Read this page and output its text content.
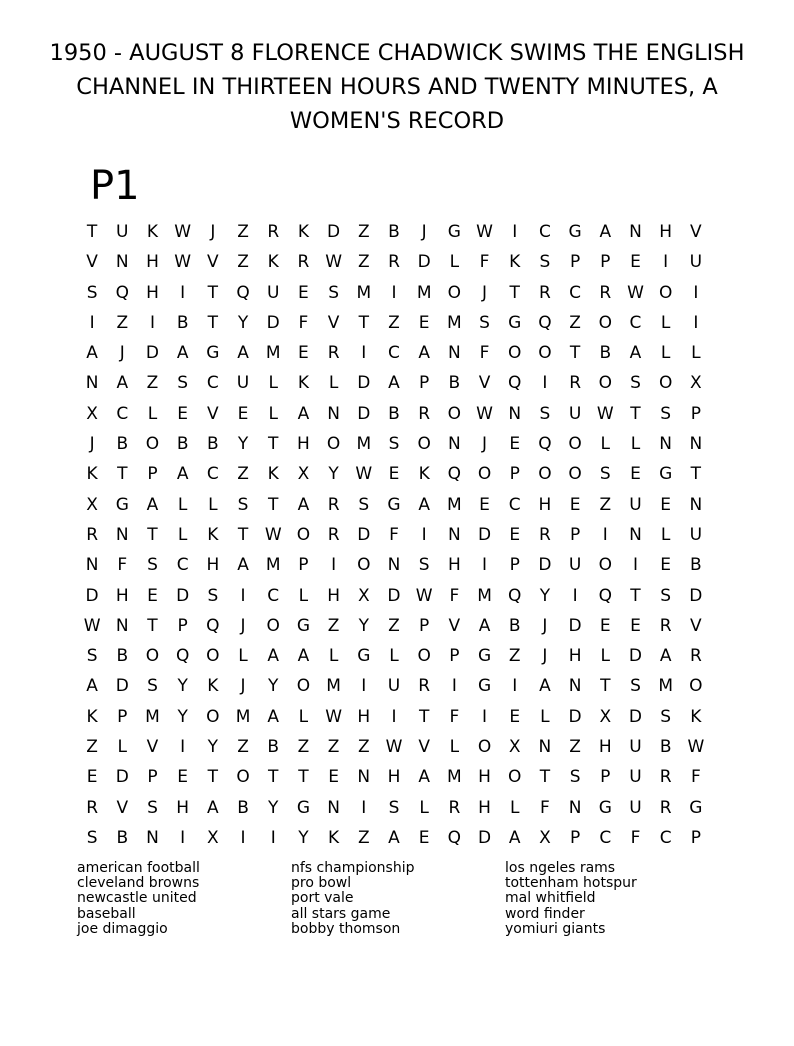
1950 - AUGUST 8 FLORENCE CHADWICK SWIMS THE ENGLISH
CHANNEL IN THIRTEEN HOURS AND TWENTY MINUTES, A
WOMEN'S RECORD
P1
T	U	K W	J	Z	R	K	D	Z	B	J	G W	I	C	G	A	N	H	V
V	N	H W V	Z	K	R W Z	R	D	L	F	K	S	P	P	E	I	U
S	Q	H	I	T	Q	U	E	S	M	I	M O	J	T	R	C	R W O	I
I	Z	I	B	T	Y	D	F	V	T	Z	E	M	S	G Q	Z	O	C	L	I
A	J	D	A	G	A	M	E	R	I	C	A	N	F	O O	T	B	A	L	L
N	A	Z	S	C	U	L	K	L	D	A	P	B	V	Q	I	R	O	S	O	X
X	C	L	E	V	E	L	A	N	D	B	R	O W N	S	U W T	S	P
J	B	O	B	B	Y	T	H	O M	S	O	N	J	E	Q O	L	L	N	N
K	T	P	A	C	Z	K	X	Y W E	K	Q O	P	O O	S	E	G	T
X	G	A	L	L	S	T	A	R	S	G	A	M	E	C	H	E	Z	U	E	N
R	N	T	L	K	T W O	R	D	F	I	N	D	E	R	P	I	N	L	U
N	F	S	C	H	A	M	P	I	O	N	S	H	I	P	D	U	O	I	E	B
D	H	E	D	S	I	C	L	H	X	D W F	M Q	Y	I	Q	T	S	D
W N	T	P	Q	J	O G	Z	Y	Z	P	V	A	B	J	D	E	E	R	V
S	B	O Q O	L	A	A	L	G	L	O	P	G	Z	J	H	L	D	A	R
A	D	S	Y	K	J	Y	O M	I	U	R	I	G	I	A	N	T	S	M O
K	P	M	Y	O M	A	L	W H	I	T	F	I	E	L	D	X	D	S	K
Z	L	V	I	Y	Z	B	Z	Z	Z W V	L	O	X	N	Z	H	U	B W
E	D	P	E	T	O	T	T	E	N	H	A	M H	O	T	S	P	U	R	F
R	V	S	H	A	B	Y	G	N	I	S	L	R	H	L	F	N	G	U	R	G
S	B	N	I	X	I	I	Y	K	Z	A	E	Q D	A	X	P	C	F	C	P
american football
cleveland browns
newcastle united
baseball
joe dimaggio
nfs championship
pro bowl
port vale
all stars game
bobby thomson
los ngeles rams
tottenham hotspur
mal whitfield
word finder
yomiuri giants
